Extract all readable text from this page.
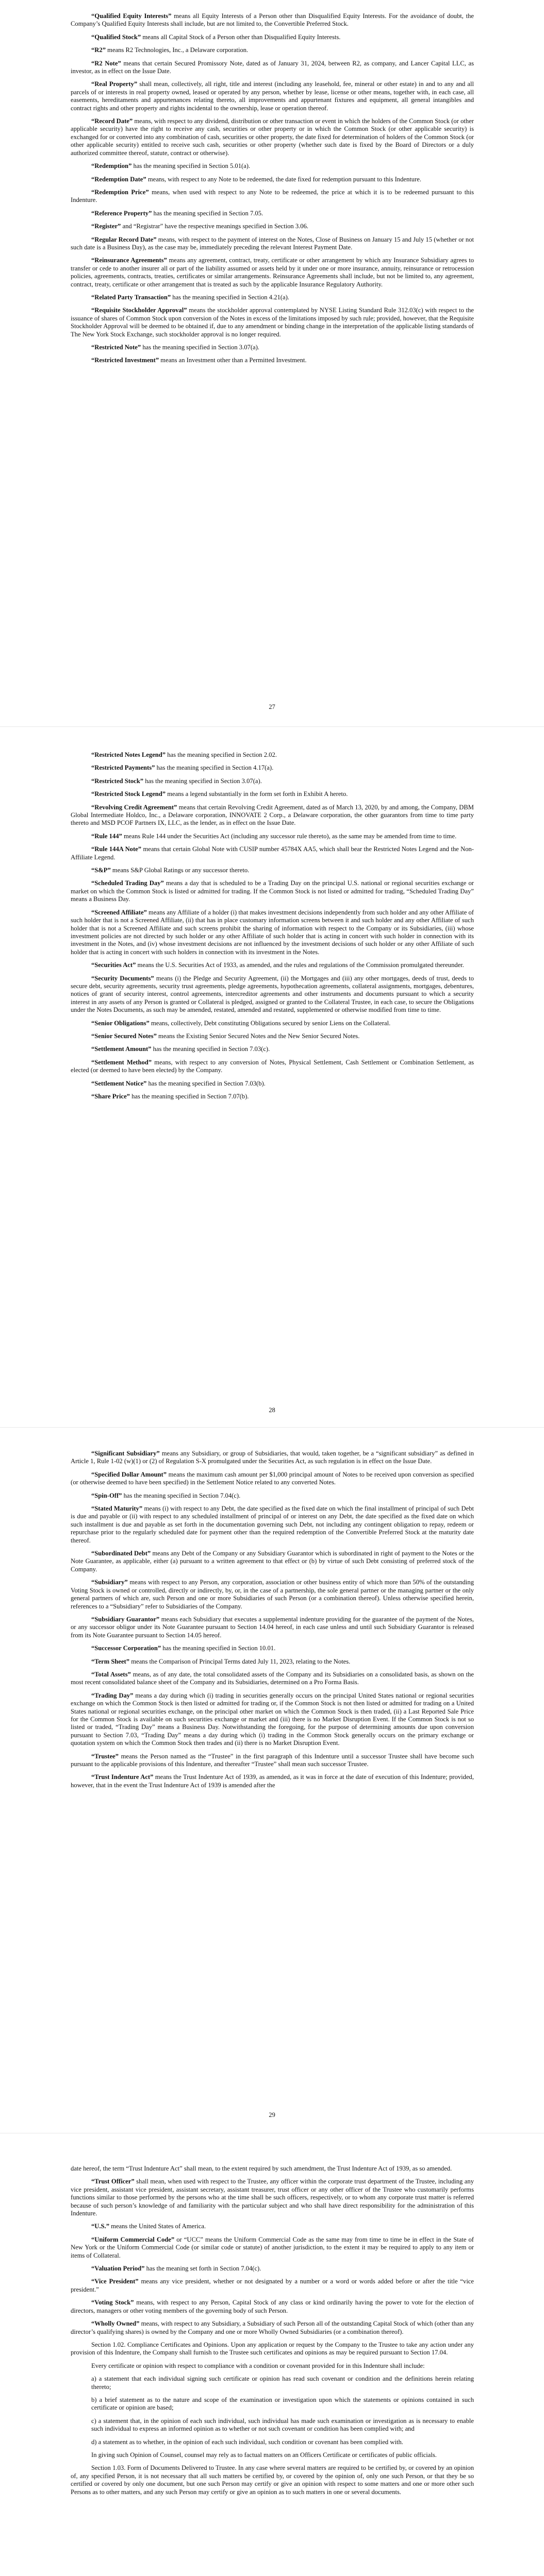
“Qualified Equity Interests” means all Equity Interests of a Person other than Disqualified Equity Interests. For the avoidance of doubt, the Company’s Qualified Equity Interests shall include, but are not limited to, the Convertible Preferred Stock.

“Qualified Stock” means all Capital Stock of a Person other than Disqualified Equity Interests.

“R2” means R2 Technologies, Inc., a Delaware corporation.

“R2 Note” means that certain Secured Promissory Note, dated as of January 31, 2024, between R2, as company, and Lancer Capital LLC, as investor, as in effect on the Issue Date.

“Real Property” shall mean, collectively, all right, title and interest (including any leasehold, fee, mineral or other estate) in and to any and all parcels of or interests in real property owned, leased or operated by any person, whether by lease, license or other means, together with, in each case, all easements, hereditaments and appurtenances relating thereto, all improvements and appurtenant fixtures and equipment, all general intangibles and contract rights and other property and rights incidental to the ownership, lease or operation thereof.

“Record Date” means, with respect to any dividend, distribution or other transaction or event in which the holders of the Common Stock (or other applicable security) have the right to receive any cash, securities or other property or in which the Common Stock (or other applicable security) is exchanged for or converted into any combination of cash, securities or other property, the date fixed for determination of holders of the Common Stock (or other applicable security) entitled to receive such cash, securities or other property (whether such date is fixed by the Board of Directors or a duly authorized committee thereof, statute, contract or otherwise).

“Redemption” has the meaning specified in Section 5.01(a).

“Redemption Date” means, with respect to any Note to be redeemed, the date fixed for redemption pursuant to this Indenture.

“Redemption Price” means, when used with respect to any Note to be redeemed, the price at which it is to be redeemed pursuant to this Indenture.

“Reference Property” has the meaning specified in Section 7.05.

“Register” and “Registrar” have the respective meanings specified in Section 3.06.

“Regular Record Date” means, with respect to the payment of interest on the Notes, Close of Business on January 15 and July 15 (whether or not such date is a Business Day), as the case may be, immediately preceding the relevant Interest Payment Date.

“Reinsurance Agreements” means any agreement, contract, treaty, certificate or other arrangement by which any Insurance Subsidiary agrees to transfer or cede to another insurer all or part of the liability assumed or assets held by it under one or more insurance, annuity, reinsurance or retrocession policies, agreements, contracts, treaties, certificates or similar arrangements. Reinsurance Agreements shall include, but not be limited to, any agreement, contract, treaty, certificate or other arrangement that is treated as such by the applicable Insurance Regulatory Authority.

“Related Party Transaction” has the meaning specified in Section 4.21(a).

“Requisite Stockholder Approval” means the stockholder approval contemplated by NYSE Listing Standard Rule 312.03(c) with respect to the issuance of shares of Common Stock upon conversion of the Notes in excess of the limitations imposed by such rule; provided, however, that the Requisite Stockholder Approval will be deemed to be obtained if, due to any amendment or binding change in the interpretation of the applicable listing standards of The New York Stock Exchange, such stockholder approval is no longer required.

“Restricted Note” has the meaning specified in Section 3.07(a).

“Restricted Investment” means an Investment other than a Permitted Investment.

27

“Restricted Notes Legend” has the meaning specified in Section 2.02.

“Restricted Payments” has the meaning specified in Section 4.17(a).

“Restricted Stock” has the meaning specified in Section 3.07(a).

“Restricted Stock Legend” means a legend substantially in the form set forth in Exhibit A hereto.

“Revolving Credit Agreement” means that certain Revolving Credit Agreement, dated as of March 13, 2020, by and among, the Company, DBM Global Intermediate Holdco, Inc., a Delaware corporation, INNOVATE 2 Corp., a Delaware corporation, the other guarantors from time to time party thereto and MSD PCOF Partners IX, LLC, as the lender, as in effect on the Issue Date.

“Rule 144” means Rule 144 under the Securities Act (including any successor rule thereto), as the same may be amended from time to time.

“Rule 144A Note” means that certain Global Note with CUSIP number 45784X AA5, which shall bear the Restricted Notes Legend and the Non-Affiliate Legend.

“S&P” means S&P Global Ratings or any successor thereto.

“Scheduled Trading Day” means a day that is scheduled to be a Trading Day on the principal U.S. national or regional securities exchange or market on which the Common Stock is listed or admitted for trading. If the Common Stock is not listed or admitted for trading, “Scheduled Trading Day” means a Business Day.

“Screened Affiliate” means any Affiliate of a holder (i) that makes investment decisions independently from such holder and any other Affiliate of such holder that is not a Screened Affiliate, (ii) that has in place customary information screens between it and such holder and any other Affiliate of such holder that is not a Screened Affiliate and such screens prohibit the sharing of information with respect to the Company or its Subsidiaries, (iii) whose investment policies are not directed by such holder or any other Affiliate of such holder that is acting in concert with such holder in connection with its investment in the Notes, and (iv) whose investment decisions are not influenced by the investment decisions of such holder or any other Affiliate of such holder that is acting in concert with such holders in connection with its investment in the Notes.

“Securities Act” means the U.S. Securities Act of 1933, as amended, and the rules and regulations of the Commission promulgated thereunder.

“Security Documents” means (i) the Pledge and Security Agreement, (ii) the Mortgages and (iii) any other mortgages, deeds of trust, deeds to secure debt, security agreements, security trust agreements, pledge agreements, hypothecation agreements, collateral assignments, mortgages, debentures, notices of grant of security interest, control agreements, intercreditor agreements and other instruments and documents pursuant to which a security interest in any assets of any Person is granted or Collateral is pledged, assigned or granted to the Collateral Trustee, in each case, to secure the Obligations under the Notes Documents, as such may be amended, restated, amended and restated, supplemented or otherwise modified from time to time.

“Senior Obligations” means, collectively, Debt constituting Obligations secured by senior Liens on the Collateral.

“Senior Secured Notes” means the Existing Senior Secured Notes and the New Senior Secured Notes.

“Settlement Amount” has the meaning specified in Section 7.03(c).

“Settlement Method” means, with respect to any conversion of Notes, Physical Settlement, Cash Settlement or Combination Settlement, as elected (or deemed to have been elected) by the Company.

“Settlement Notice” has the meaning specified in Section 7.03(b).

“Share Price” has the meaning specified in Section 7.07(b).

28

“Significant Subsidiary” means any Subsidiary, or group of Subsidiaries, that would, taken together, be a “significant subsidiary” as defined in Article 1, Rule 1-02 (w)(1) or (2) of Regulation S-X promulgated under the Securities Act, as such regulation is in effect on the Issue Date.

“Specified Dollar Amount” means the maximum cash amount per $1,000 principal amount of Notes to be received upon conversion as specified (or otherwise deemed to have been specified) in the Settlement Notice related to any converted Notes.

“Spin-Off” has the meaning specified in Section 7.04(c).

“Stated Maturity” means (i) with respect to any Debt, the date specified as the fixed date on which the final installment of principal of such Debt is due and payable or (ii) with respect to any scheduled installment of principal of or interest on any Debt, the date specified as the fixed date on which such installment is due and payable as set forth in the documentation governing such Debt, not including any contingent obligation to repay, redeem or repurchase prior to the regularly scheduled date for payment other than the required redemption of the Convertible Preferred Stock at the maturity date thereof.

“Subordinated Debt” means any Debt of the Company or any Subsidiary Guarantor which is subordinated in right of payment to the Notes or the Note Guarantee, as applicable, either (a) pursuant to a written agreement to that effect or (b) by virtue of such Debt consisting of preferred stock of the Company.

“Subsidiary” means with respect to any Person, any corporation, association or other business entity of which more than 50% of the outstanding Voting Stock is owned or controlled, directly or indirectly, by, or, in the case of a partnership, the sole general partner or the managing partner or the only general partners of which are, such Person and one or more Subsidiaries of such Person (or a combination thereof). Unless otherwise specified herein, references to a “Subsidiary” refer to Subsidiaries of the Company.

“Subsidiary Guarantor” means each Subsidiary that executes a supplemental indenture providing for the guarantee of the payment of the Notes, or any successor obligor under its Note Guarantee pursuant to Section 14.04 hereof, in each case unless and until such Subsidiary Guarantor is released from its Note Guarantee pursuant to Section 14.05 hereof.

“Successor Corporation” has the meaning specified in Section 10.01.

“Term Sheet” means the Comparison of Principal Terms dated July 11, 2023, relating to the Notes.

“Total Assets” means, as of any date, the total consolidated assets of the Company and its Subsidiaries on a consolidated basis, as shown on the most recent consolidated balance sheet of the Company and its Subsidiaries, determined on a Pro Forma Basis.

“Trading Day” means a day during which (i) trading in securities generally occurs on the principal United States national or regional securities exchange on which the Common Stock is then listed or admitted for trading or, if the Common Stock is not then listed or admitted for trading on a United States national or regional securities exchange, on the principal other market on which the Common Stock is then traded, (ii) a Last Reported Sale Price for the Common Stock is available on such securities exchange or market and (iii) there is no Market Disruption Event. If the Common Stock is not so listed or traded, “Trading Day” means a Business Day. Notwithstanding the foregoing, for the purpose of determining amounts due upon conversion pursuant to Section 7.03, “Trading Day” means a day during which (i) trading in the Common Stock generally occurs on the primary exchange or quotation system on which the Common Stock then trades and (ii) there is no Market Disruption Event.

“Trustee” means the Person named as the “Trustee” in the first paragraph of this Indenture until a successor Trustee shall have become such pursuant to the applicable provisions of this Indenture, and thereafter “Trustee” shall mean such successor Trustee.

“Trust Indenture Act” means the Trust Indenture Act of 1939, as amended, as it was in force at the date of execution of this Indenture; provided, however, that in the event the Trust Indenture Act of 1939 is amended after the

29

date hereof, the term “Trust Indenture Act” shall mean, to the extent required by such amendment, the Trust Indenture Act of 1939, as so amended.

“Trust Officer” shall mean, when used with respect to the Trustee, any officer within the corporate trust department of the Trustee, including any vice president, assistant vice president, assistant secretary, assistant treasurer, trust officer or any other officer of the Trustee who customarily performs functions similar to those performed by the persons who at the time shall be such officers, respectively, or to whom any corporate trust matter is referred because of such person’s knowledge of and familiarity with the particular subject and who shall have direct responsibility for the administration of this Indenture.

“U.S.” means the United States of America.

“Uniform Commercial Code” or “UCC” means the Uniform Commercial Code as the same may from time to time be in effect in the State of New York or the Uniform Commercial Code (or similar code or statute) of another jurisdiction, to the extent it may be required to apply to any item or items of Collateral.

“Valuation Period” has the meaning set forth in Section 7.04(c).

“Vice President” means any vice president, whether or not designated by a number or a word or words added before or after the title “vice president.”

“Voting Stock” means, with respect to any Person, Capital Stock of any class or kind ordinarily having the power to vote for the election of directors, managers or other voting members of the governing body of such Person.

“Wholly Owned” means, with respect to any Subsidiary, a Subsidiary of such Person all of the outstanding Capital Stock of which (other than any director’s qualifying shares) is owned by the Company and one or more Wholly Owned Subsidiaries (or a combination thereof).

Section 1.02. Compliance Certificates and Opinions. Upon any application or request by the Company to the Trustee to take any action under any provision of this Indenture, the Company shall furnish to the Trustee such certificates and opinions as may be required pursuant to Section 17.04.

Every certificate or opinion with respect to compliance with a condition or covenant provided for in this Indenture shall include:

a) a statement that each individual signing such certificate or opinion has read such covenant or condition and the definitions herein relating thereto;

b) a brief statement as to the nature and scope of the examination or investigation upon which the statements or opinions contained in such certificate or opinion are based;

c) a statement that, in the opinion of each such individual, such individual has made such examination or investigation as is necessary to enable such individual to express an informed opinion as to whether or not such covenant or condition has been complied with; and

d) a statement as to whether, in the opinion of each such individual, such condition or covenant has been complied with.

In giving such Opinion of Counsel, counsel may rely as to factual matters on an Officers Certificate or certificates of public officials.

Section 1.03. Form of Documents Delivered to Trustee. In any case where several matters are required to be certified by, or covered by an opinion of, any specified Person, it is not necessary that all such matters be certified by, or covered by the opinion of, only one such Person, or that they be so certified or covered by only one document, but one such Person may certify or give an opinion with respect to some matters and one or more other such Persons as to other matters, and any such Person may certify or give an opinion as to such matters in one or several documents.
